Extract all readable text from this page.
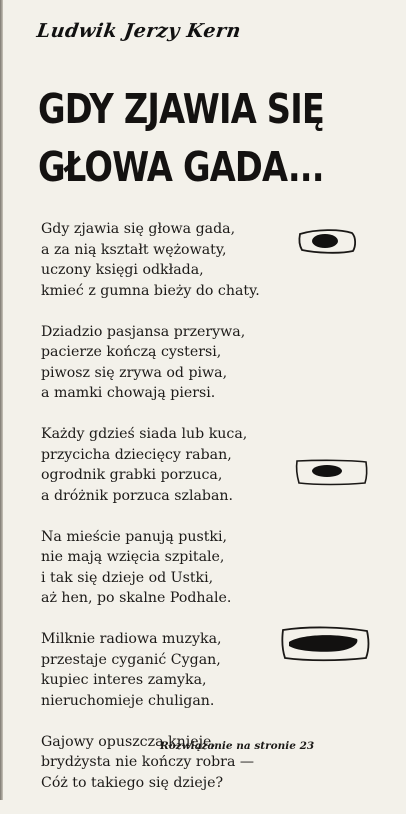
Ludwik Jerzy Kern
GDY ZJAWIA SIĘ
GŁOWA GADA...
Gdy zjawia się głowa gada,
a za nią kształt wężowaty,
uczony księgi odkłada,
kmieć z gumna bieży do chaty.
Dziadzio pasjansa przerywa,
pacierze kończą cystersi,
piwosz się zrywa od piwa,
a mamki chowają piersi.
Każdy gdzieś siada lub kuca,
przycicha dziecięcy raban,
ogrodnik grabki porzuca,
a dróżnik porzuca szlaban.
Na mieście panują pustki,
nie mają wzięcia szpitale,
i tak się dzieje od Ustki,
aż hen, po skalne Podhale.
Milknie radiowa muzyka,
przestaje cyganić Cygan,
kupiec interes zamyka,
nieruchomieje chuligan.
Gajowy opuszcza knieje,
brydżysta nie kończy robra —
Cóż to takiego się dzieje?
Rozwiązanie na stronie 23
